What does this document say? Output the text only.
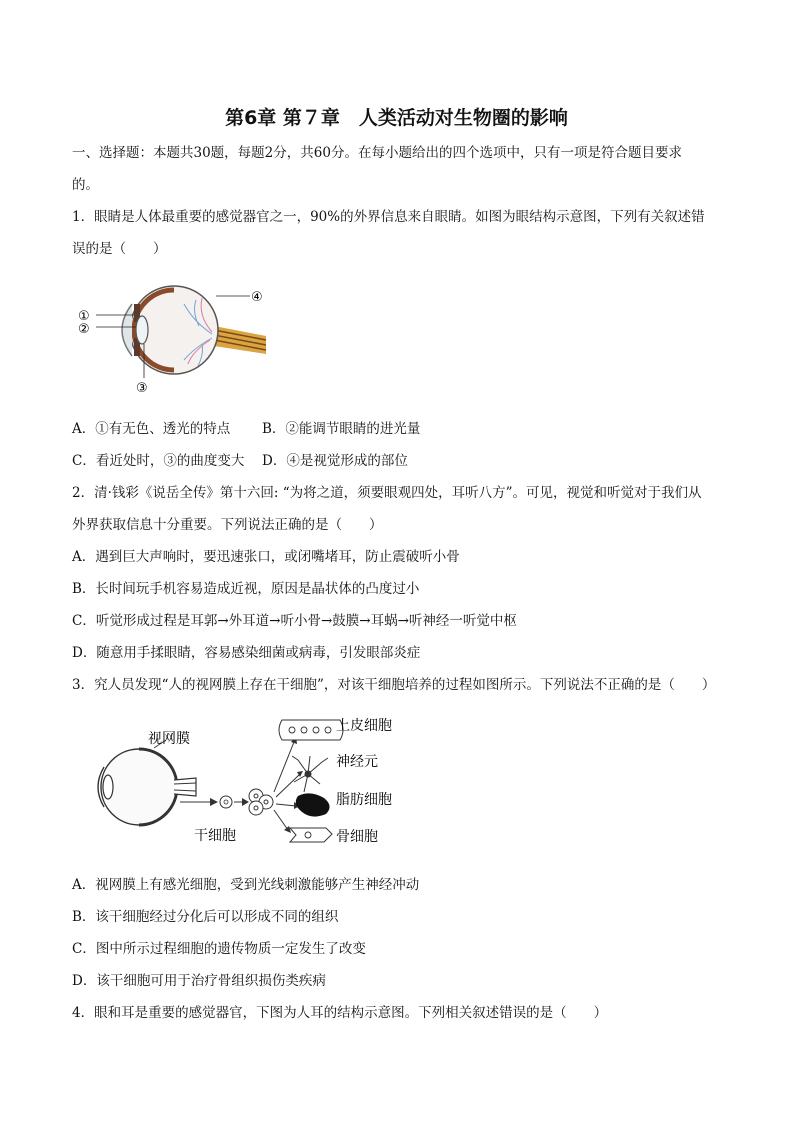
第6章 第７章　人类活动对生物圈的影响
一、选择题：本题共30题，每题2分，共60分。在每小题给出的四个选项中，只有一项是符合题目要求
的。
1．眼睛是人体最重要的感觉器官之一，90%的外界信息来自眼睛。如图为眼结构示意图，下列有关叙述错
误的是（　　）
①
②
③
④
A．①有无色、透光的特点 B．②能调节眼睛的进光量
C．看近处时，③的曲度变大 D．④是视觉形成的部位
2．清·钱彩《说岳全传》第十六回: “为将之道，须要眼观四处，耳听八方”。可见，视觉和听觉对于我们从
外界获取信息十分重要。下列说法正确的是（　　）
A．遇到巨大声响时，要迅速张口，或闭嘴堵耳，防止震破听小骨
B．长时间玩手机容易造成近视，原因是晶状体的凸度过小
C．听觉形成过程是耳郭→外耳道→听小骨→鼓膜→耳蜗→听神经一听觉中枢
D．随意用手揉眼睛，容易感染细菌或病毒，引发眼部炎症
3．究人员发现“人的视网膜上存在干细胞”，对该干细胞培养的过程如图所示。下列说法不正确的是（　　）
视网膜
干细胞
上皮细胞
神经元
脂肪细胞
骨细胞
A．视网膜上有感光细胞，受到光线刺激能够产生神经冲动
B．该干细胞经过分化后可以形成不同的组织
C．图中所示过程细胞的遗传物质一定发生了改变
D．该干细胞可用于治疗骨组织损伤类疾病
4．眼和耳是重要的感觉器官，下图为人耳的结构示意图。下列相关叙述错误的是（　　）
